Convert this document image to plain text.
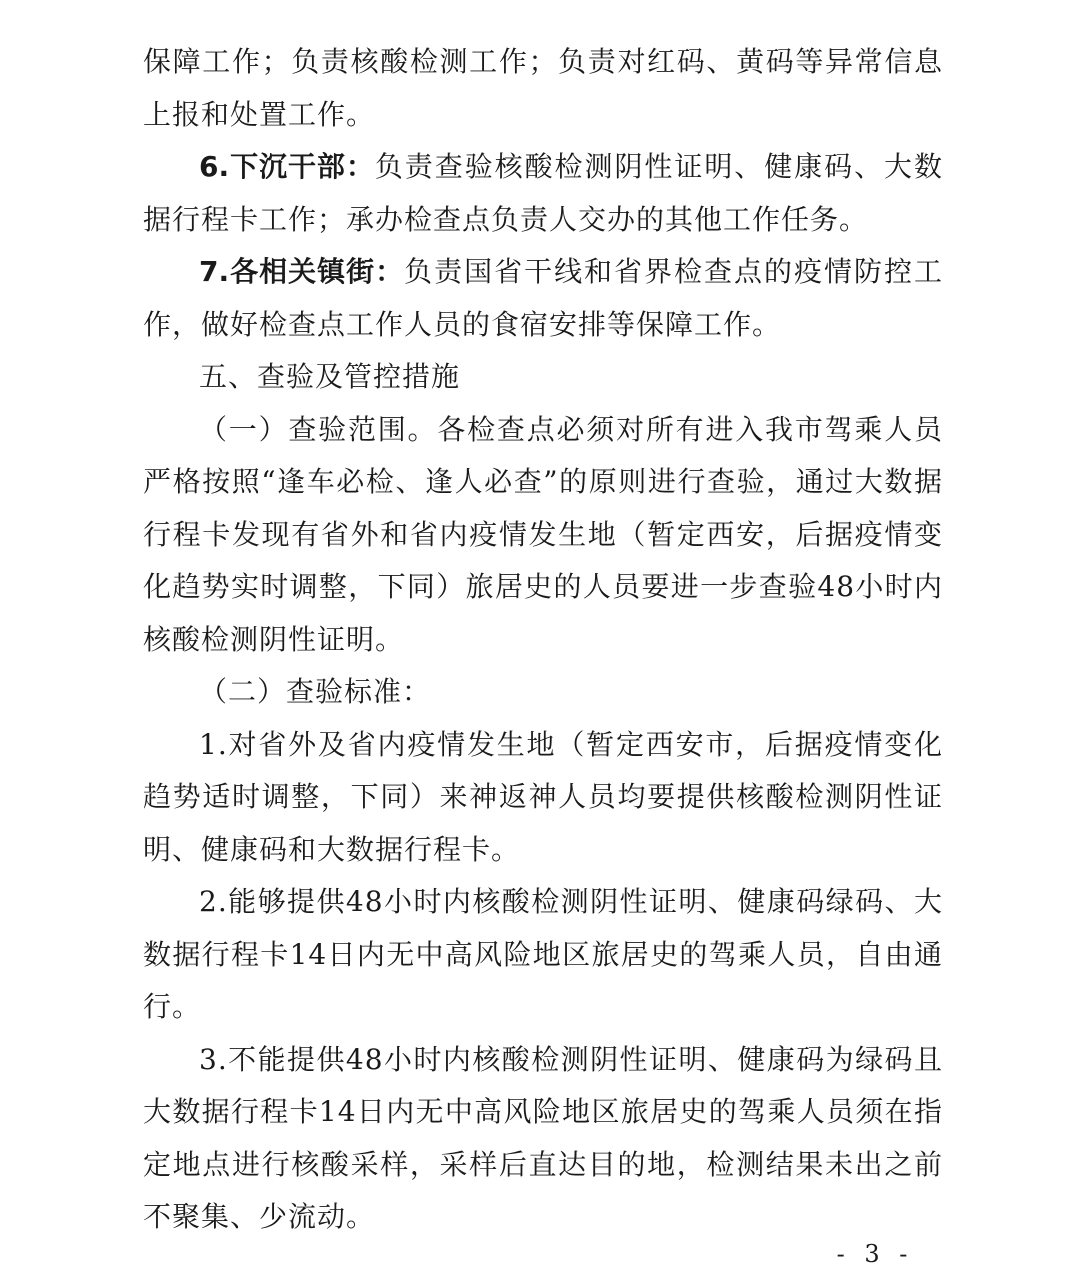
保障工作；负责核酸检测工作；负责对红码、黄码等异常信息上报和处置工作。

6.下沉干部：负责查验核酸检测阴性证明、健康码、大数据行程卡工作；承办检查点负责人交办的其他工作任务。

7.各相关镇街：负责国省干线和省界检查点的疫情防控工作，做好检查点工作人员的食宿安排等保障工作。

五、查验及管控措施

（一）查验范围。各检查点必须对所有进入我市驾乘人员严格按照“逢车必检、逢人必查”的原则进行查验，通过大数据行程卡发现有省外和省内疫情发生地（暂定西安，后据疫情变化趋势实时调整，下同）旅居史的人员要进一步查验48小时内核酸检测阴性证明。

（二）查验标准：

1.对省外及省内疫情发生地（暂定西安市，后据疫情变化趋势适时调整，下同）来神返神人员均要提供核酸检测阴性证明、健康码和大数据行程卡。

2.能够提供48小时内核酸检测阴性证明、健康码绿码、大数据行程卡14日内无中高风险地区旅居史的驾乘人员，自由通行。

3.不能提供48小时内核酸检测阴性证明、健康码为绿码且大数据行程卡14日内无中高风险地区旅居史的驾乘人员须在指定地点进行核酸采样，采样后直达目的地，检测结果未出之前不聚集、少流动。

- 3 -
